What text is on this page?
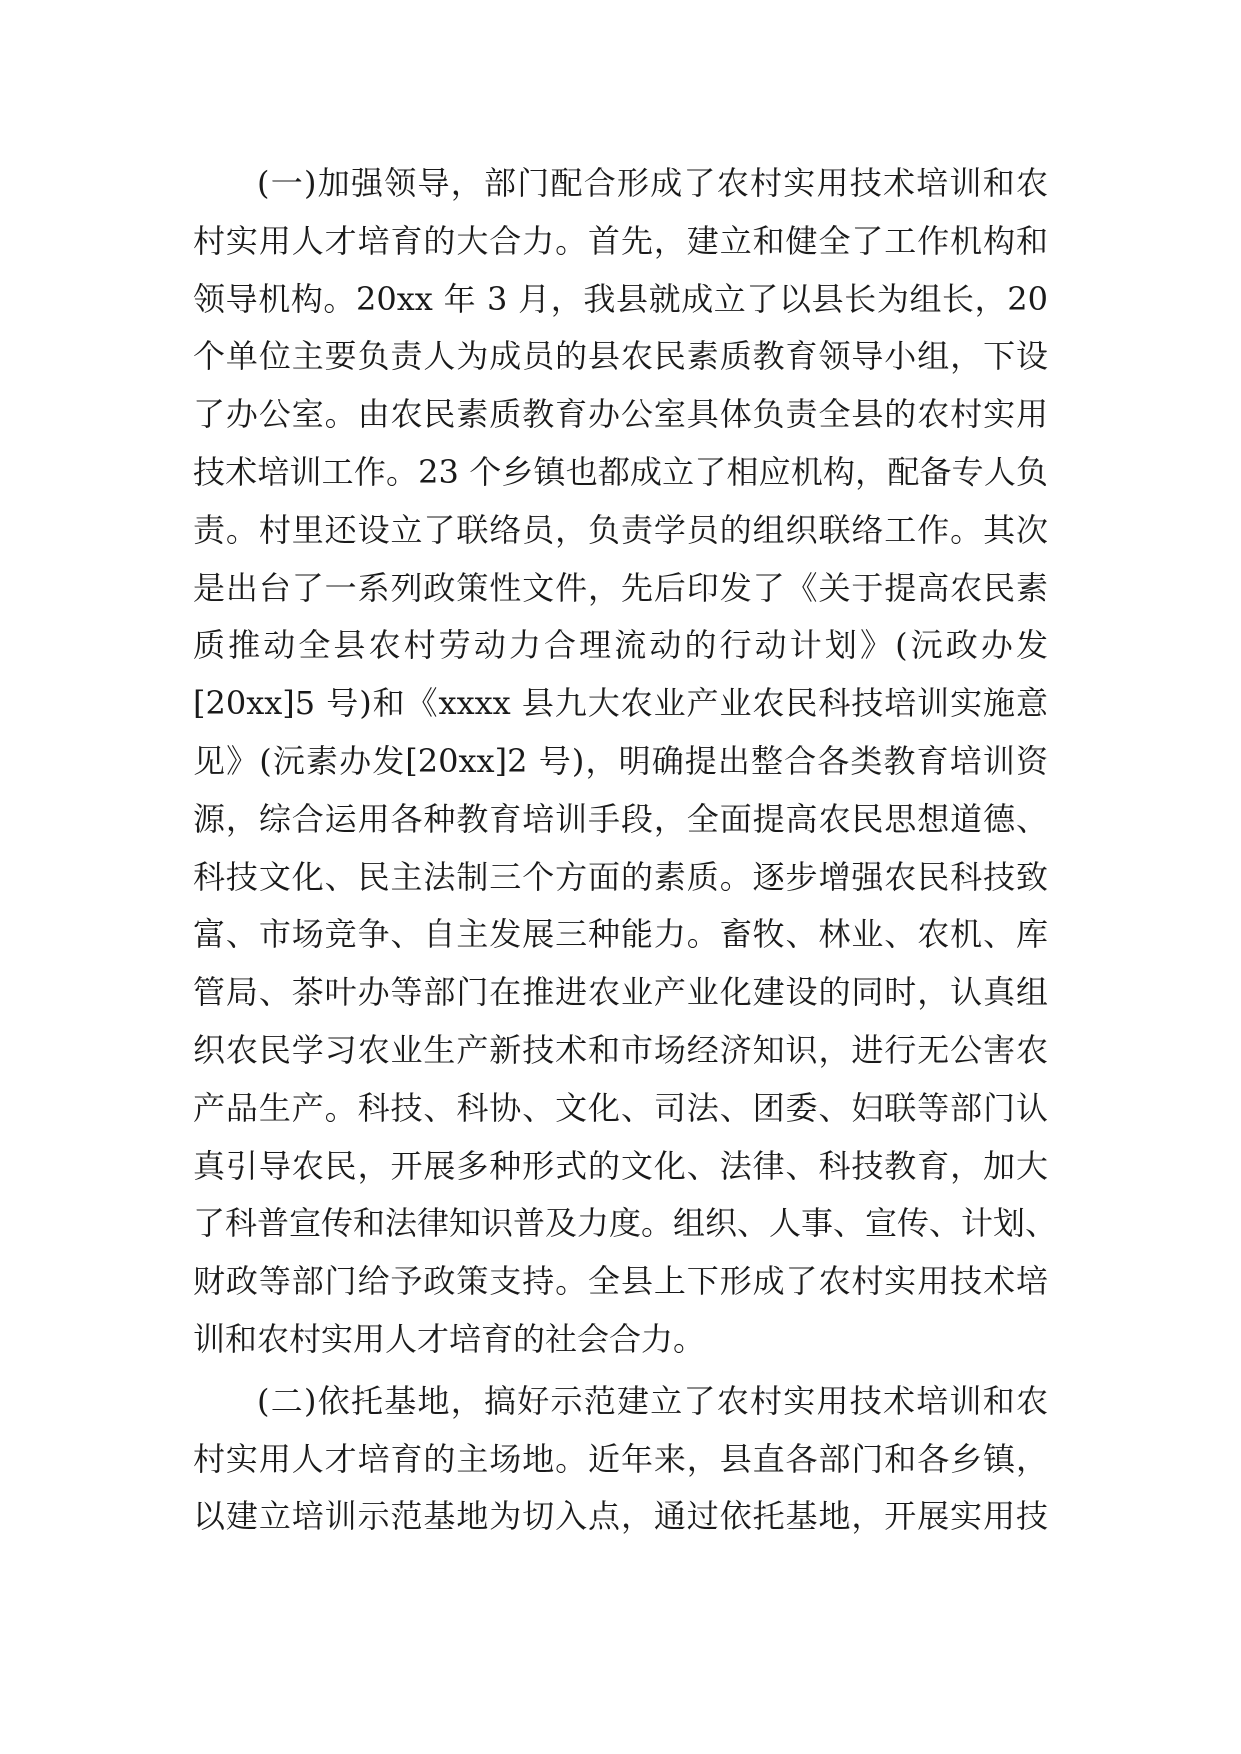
(一)加强领导，部门配合形成了农村实用技术培训和农
村实用人才培育的大合力。首先，建立和健全了工作机构和
领导机构。20xx 年 3 月，我县就成立了以县长为组长，20
个单位主要负责人为成员的县农民素质教育领导小组，下设
了办公室。由农民素质教育办公室具体负责全县的农村实用
技术培训工作。23 个乡镇也都成立了相应机构，配备专人负
责。村里还设立了联络员，负责学员的组织联络工作。其次
是出台了一系列政策性文件，先后印发了《关于提高农民素
质推动全县农村劳动力合理流动的行动计划》(沅政办发
[20xx]5 号)和《xxxx 县九大农业产业农民科技培训实施意
见》(沅素办发[20xx]2 号)，明确提出整合各类教育培训资
源，综合运用各种教育培训手段，全面提高农民思想道德、
科技文化、民主法制三个方面的素质。逐步增强农民科技致
富、市场竞争、自主发展三种能力。畜牧、林业、农机、库
管局、茶叶办等部门在推进农业产业化建设的同时，认真组
织农民学习农业生产新技术和市场经济知识，进行无公害农
产品生产。科技、科协、文化、司法、团委、妇联等部门认
真引导农民，开展多种形式的文化、法律、科技教育，加大
了科普宣传和法律知识普及力度。组织、人事、宣传、计划、
财政等部门给予政策支持。全县上下形成了农村实用技术培
训和农村实用人才培育的社会合力。
(二)依托基地，搞好示范建立了农村实用技术培训和农
村实用人才培育的主场地。近年来，县直各部门和各乡镇，
以建立培训示范基地为切入点，通过依托基地，开展实用技
